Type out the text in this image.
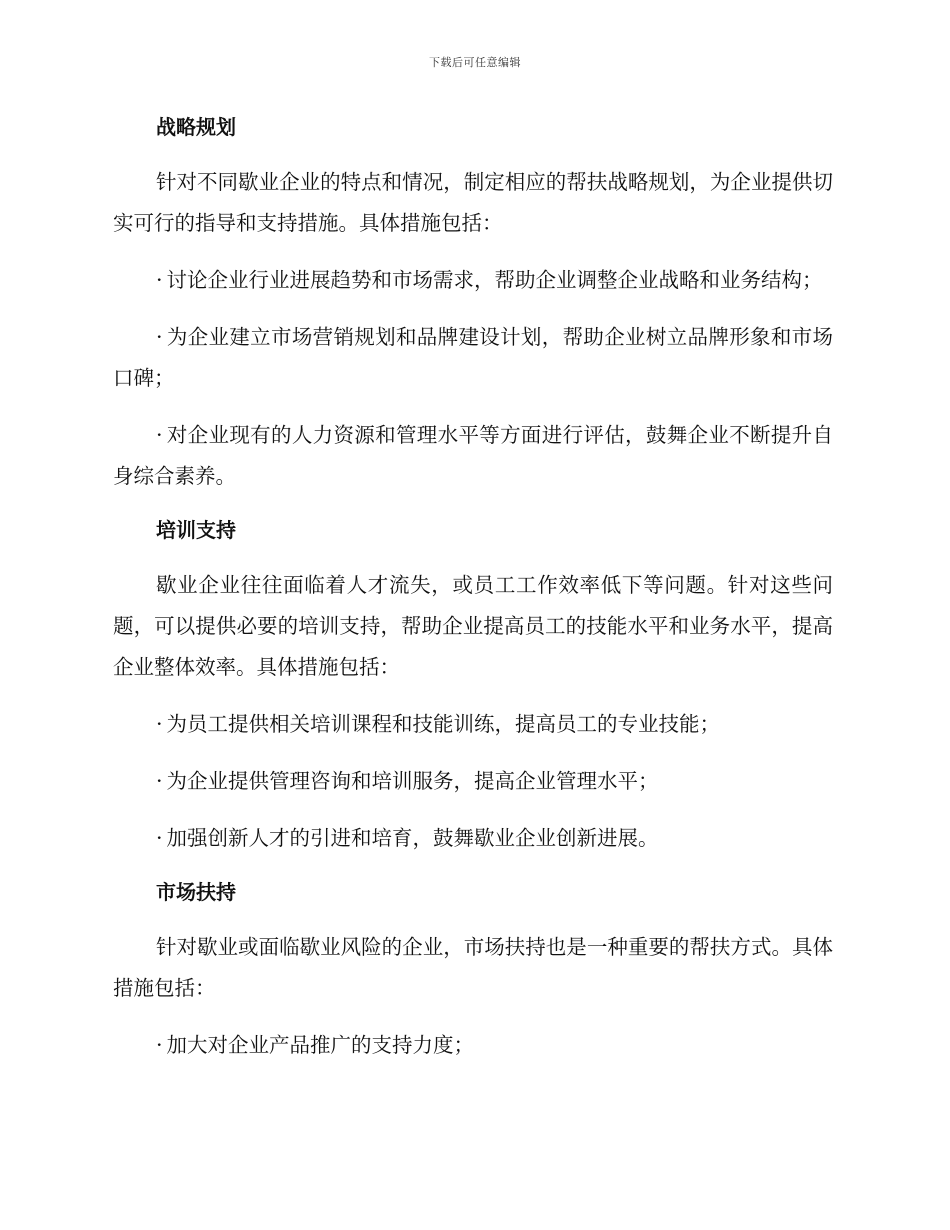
下载后可任意编辑
战略规划

针对不同歇业企业的特点和情况，制定相应的帮扶战略规划，为企业提供切实可行的指导和支持措施。具体措施包括：

· 讨论企业行业进展趋势和市场需求，帮助企业调整企业战略和业务结构；

· 为企业建立市场营销规划和品牌建设计划，帮助企业树立品牌形象和市场口碑；

· 对企业现有的人力资源和管理水平等方面进行评估，鼓舞企业不断提升自身综合素养。

培训支持

歇业企业往往面临着人才流失，或员工工作效率低下等问题。针对这些问题，可以提供必要的培训支持，帮助企业提高员工的技能水平和业务水平，提高企业整体效率。具体措施包括：

· 为员工提供相关培训课程和技能训练，提高员工的专业技能；

· 为企业提供管理咨询和培训服务，提高企业管理水平；

· 加强创新人才的引进和培育，鼓舞歇业企业创新进展。

市场扶持

针对歇业或面临歇业风险的企业，市场扶持也是一种重要的帮扶方式。具体措施包括：

· 加大对企业产品推广的支持力度；
